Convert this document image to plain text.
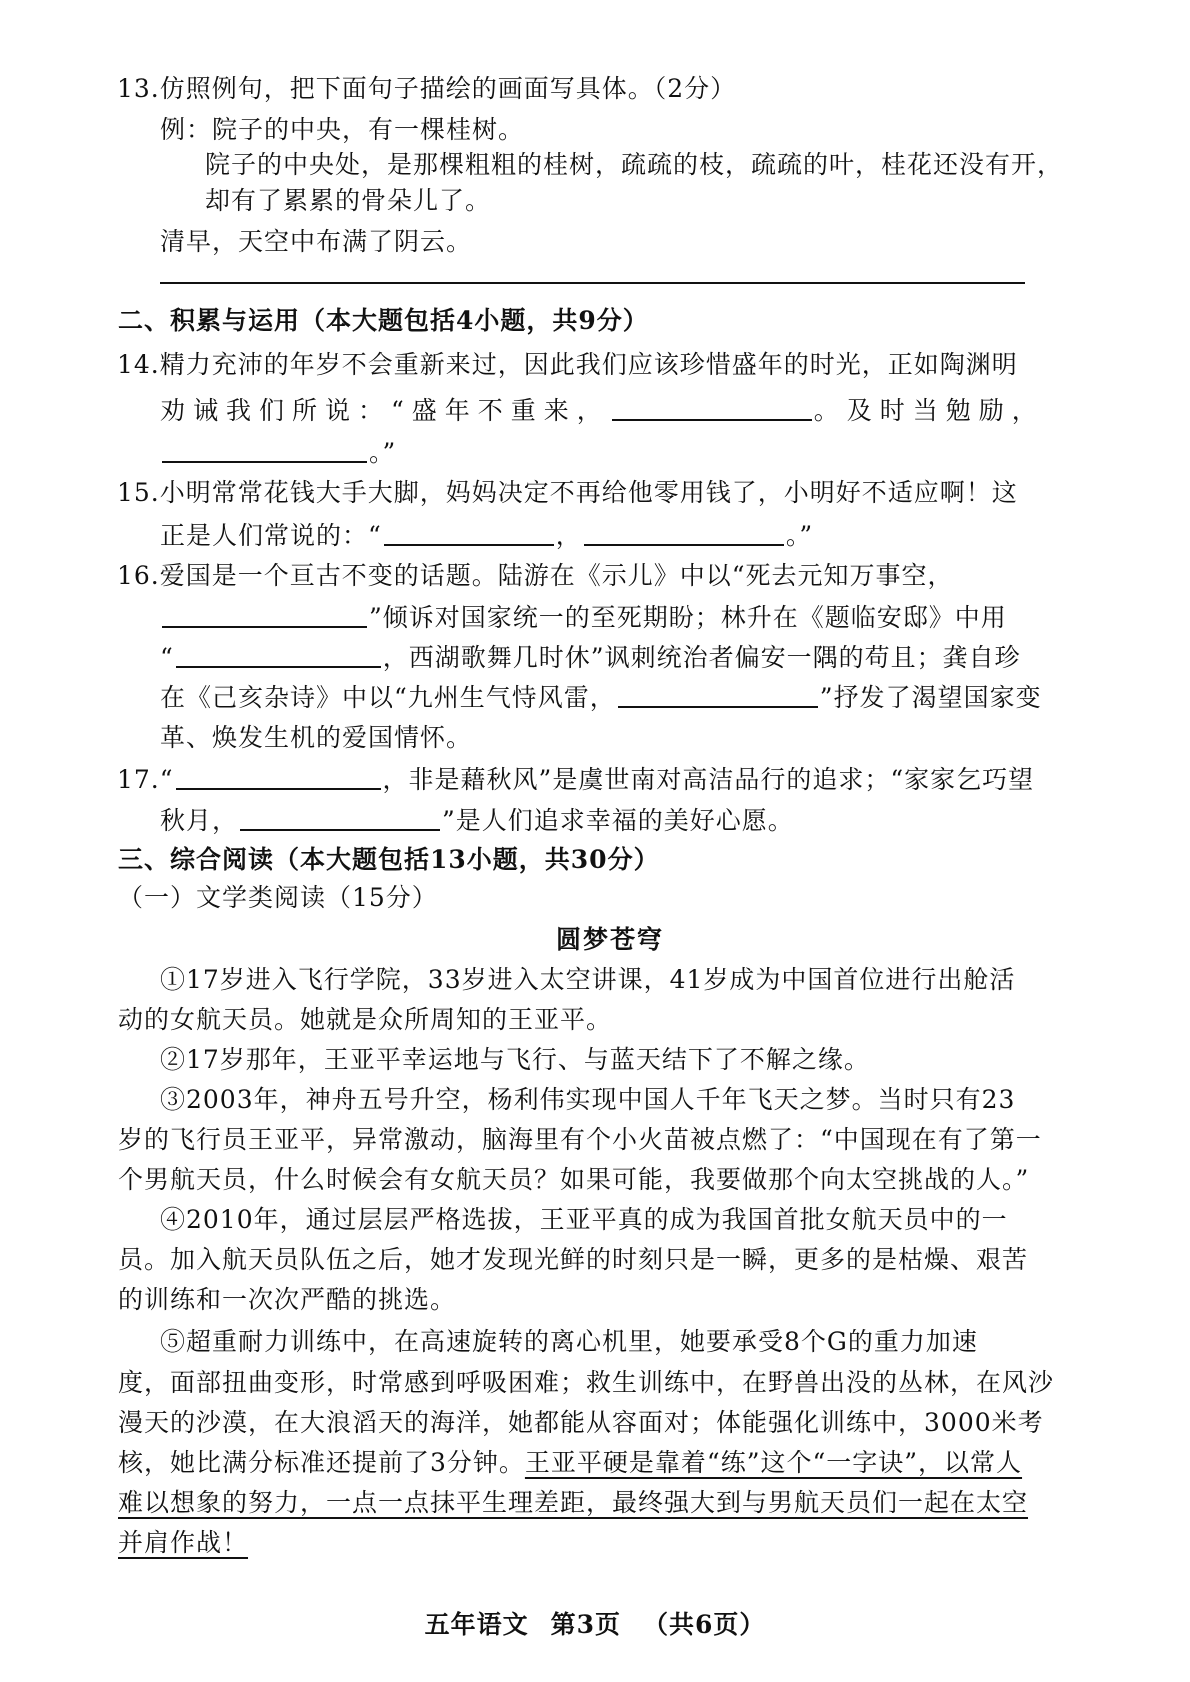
13.仿照例句，把下面句子描绘的画面写具体。（2分）
例：院子的中央，有一棵桂树。
院子的中央处，是那棵粗粗的桂树，疏疏的枝，疏疏的叶，桂花还没有开，
却有了累累的骨朵儿了。
清早，天空中布满了阴云。
二、积累与运用（本大题包括4小题，共9分）
14.精力充沛的年岁不会重新来过，因此我们应该珍惜盛年的时光，正如陶渊明
劝诫我们所说：“盛年不重来，	。及时当勉励，
。”
15.小明常常花钱大手大脚，妈妈决定不再给他零用钱了，小明好不适应啊！这
正是人们常说的：“	，	。”
16.爱国是一个亘古不变的话题。陆游在《示儿》中以“死去元知万事空，
”倾诉对国家统一的至死期盼；林升在《题临安邸》中用
“	，西湖歌舞几时休”讽刺统治者偏安一隅的苟且；龚自珍
在《己亥杂诗》中以“九州生气恃风雷，	”抒发了渴望国家变
革、焕发生机的爱国情怀。
17.“	，非是藉秋风”是虞世南对高洁品行的追求；“家家乞巧望
秋月，	”是人们追求幸福的美好心愿。
三、综合阅读（本大题包括13小题，共30分）
（一）文学类阅读（15分）
圆梦苍穹
①17岁进入飞行学院，33岁进入太空讲课，41岁成为中国首位进行出舱活
动的女航天员。她就是众所周知的王亚平。
②17岁那年，王亚平幸运地与飞行、与蓝天结下了不解之缘。
③2003年，神舟五号升空，杨利伟实现中国人千年飞天之梦。当时只有23
岁的飞行员王亚平，异常激动，脑海里有个小火苗被点燃了：“中国现在有了第一
个男航天员，什么时候会有女航天员？如果可能，我要做那个向太空挑战的人。”
④2010年，通过层层严格选拔，王亚平真的成为我国首批女航天员中的一
员。加入航天员队伍之后，她才发现光鲜的时刻只是一瞬，更多的是枯燥、艰苦
的训练和一次次严酷的挑选。
⑤超重耐力训练中，在高速旋转的离心机里，她要承受8个G的重力加速
度，面部扭曲变形，时常感到呼吸困难；救生训练中，在野兽出没的丛林，在风沙
漫天的沙漠，在大浪滔天的海洋，她都能从容面对；体能强化训练中，3000米考
核，她比满分标准还提前了3分钟。王亚平硬是靠着“练”这个“一字诀”，以常人
难以想象的努力，一点一点抹平生理差距，最终强大到与男航天员们一起在太空
并肩作战！
五年语文 第3页 （共6页）
